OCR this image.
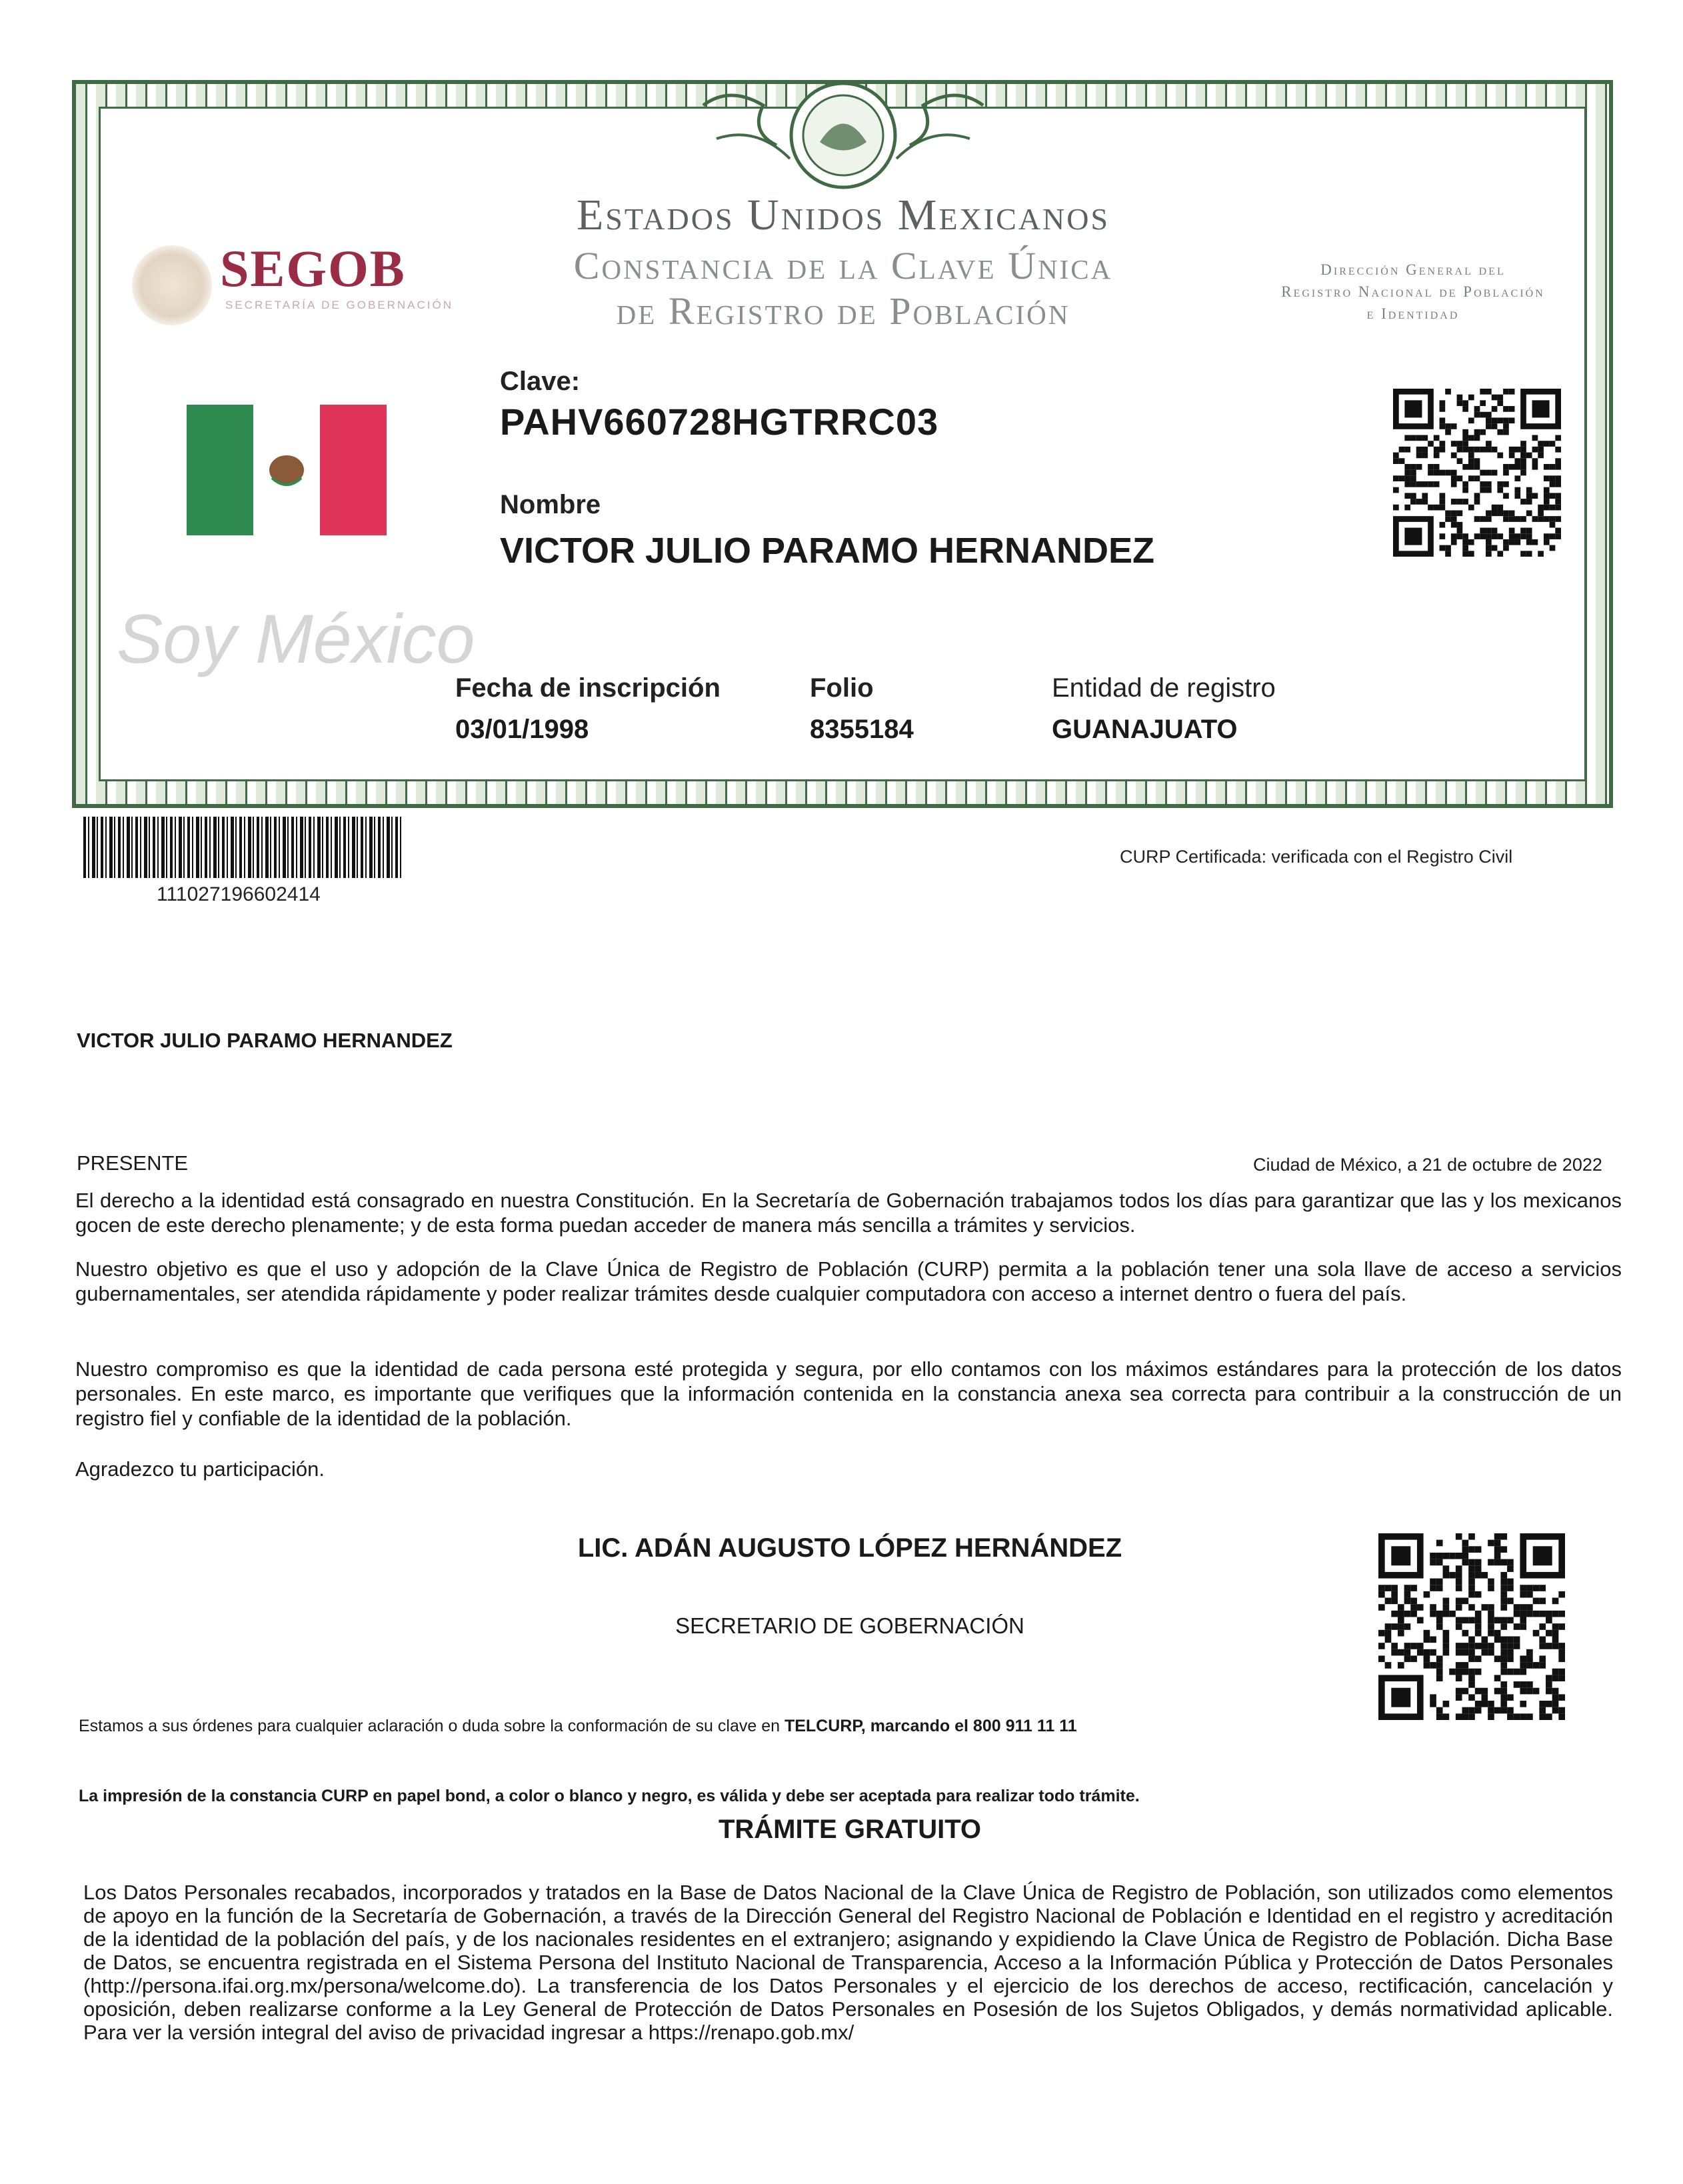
SEGOB
SECRETARÍA DE GOBERNACIÓN
Estados Unidos Mexicanos
Constancia de la Clave Única
de Registro de Población
Dirección General del
Registro Nacional de Población
e Identidad
Soy México
Clave:
PAHV660728HGTRRC03
Nombre
VICTOR JULIO PARAMO HERNANDEZ
Fecha de inscripción
03/01/1998
Folio
8355184
Entidad de registro
GUANAJUATO
111027196602414
CURP Certificada: verificada con el Registro Civil
VICTOR JULIO PARAMO HERNANDEZ
PRESENTE	Ciudad de México, a 21 de octubre de 2022
El derecho a la identidad está consagrado en nuestra Constitución. En la Secretaría de Gobernación trabajamos todos los días para garantizar que las y los mexicanos gocen de este derecho plenamente; y de esta forma puedan acceder de manera más sencilla a trámites y servicios.
Nuestro objetivo es que el uso y adopción de la Clave Única de Registro de Población (CURP) permita a la población tener una sola llave de acceso a servicios gubernamentales, ser atendida rápidamente y poder realizar trámites desde cualquier computadora con acceso a internet dentro o fuera del país.
Nuestro compromiso es que la identidad de cada persona esté protegida y segura, por ello contamos con los máximos estándares para la protección de los datos personales. En este marco, es importante que verifiques que la información contenida en la constancia anexa sea correcta para contribuir a la construcción de un registro fiel y confiable de la identidad de la población.
Agradezco tu participación.
LIC. ADÁN AUGUSTO LÓPEZ HERNÁNDEZ
SECRETARIO DE GOBERNACIÓN
Estamos a sus órdenes para cualquier aclaración o duda sobre la conformación de su clave en TELCURP, marcando el 800 911 11 11
La impresión de la constancia CURP en papel bond, a color o blanco y negro, es válida y debe ser aceptada para realizar todo trámite.
TRÁMITE GRATUITO
Los Datos Personales recabados, incorporados y tratados en la Base de Datos Nacional de la Clave Única de Registro de Población, son utilizados como elementos de apoyo en la función de la Secretaría de Gobernación, a través de la Dirección General del Registro Nacional de Población e Identidad en el registro y acreditación de la identidad de la población del país, y de los nacionales residentes en el extranjero; asignando y expidiendo la Clave Única de Registro de Población. Dicha Base de Datos, se encuentra registrada en el Sistema Persona del Instituto Nacional de Transparencia, Acceso a la Información Pública y Protección de Datos Personales (http://persona.ifai.org.mx/persona/welcome.do). La transferencia de los Datos Personales y el ejercicio de los derechos de acceso, rectificación, cancelación y oposición, deben realizarse conforme a la Ley General de Protección de Datos Personales en Posesión de los Sujetos Obligados, y demás normatividad aplicable. Para ver la versión integral del aviso de privacidad ingresar a https://renapo.gob.mx/
